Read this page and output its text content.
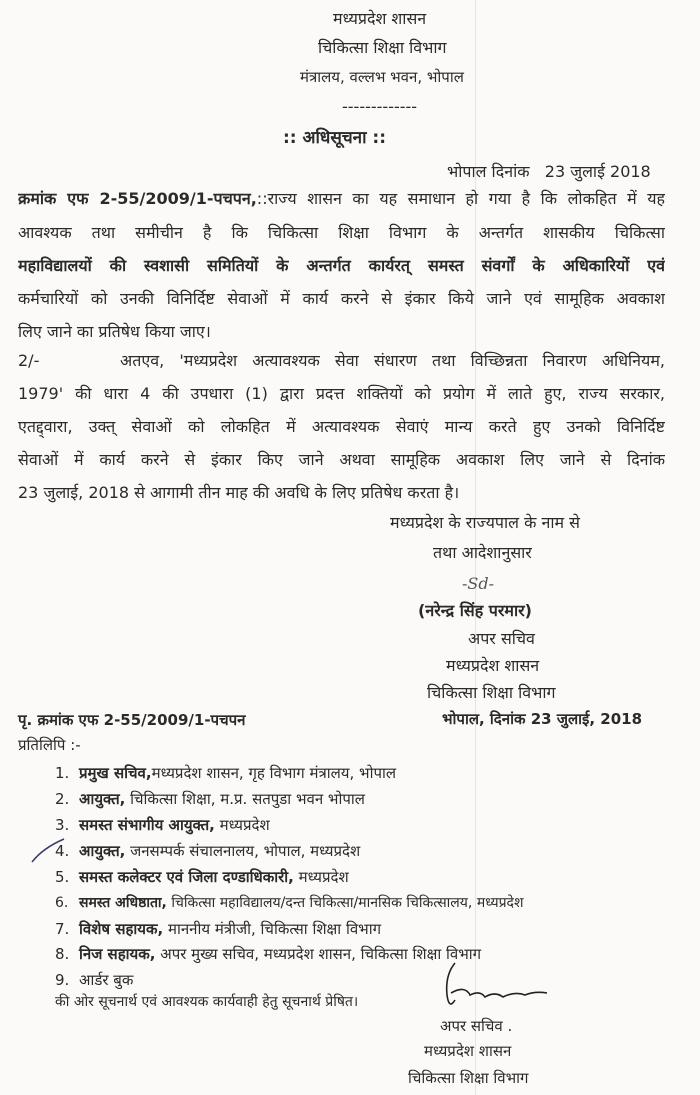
मध्यप्रदेश शासन
चिकित्सा शिक्षा विभाग
मंत्रालय, वल्लभ भवन, भोपाल
-------------
:: अधिसूचना ::
भोपाल दिनांक   23 जुलाई 2018
क्रमांक एफ 2-55/2009/1-पचपन,::राज्य शासन का यह समाधान हो गया है कि लोकहित में यह
आवश्यक तथा समीचीन है कि चिकित्सा शिक्षा विभाग के अन्तर्गत शासकीय चिकित्सा
महाविद्यालयों की स्वशासी समितियों के अन्तर्गत कार्यरत् समस्त संवर्गों के अधिकारियों एवं
कर्मचारियों को उनकी विनिर्दिष्ट सेवाओं में कार्य करने से इंकार किये जाने एवं सामूहिक अवकाश
लिए जाने का प्रतिषेध किया जाए।
2/-	अतएव, 'मध्यप्रदेश अत्यावश्यक सेवा संधारण तथा विच्छिन्नता निवारण अधिनियम,
1979' की धारा 4 की उपधारा (1) द्वारा प्रदत्त शक्तियों को प्रयोग में लाते हुए, राज्य सरकार,
एतद्द्वारा, उक्त् सेवाओं को लोकहित में अत्यावश्यक सेवाएं मान्य करते हुए उनको विनिर्दिष्ट
सेवाओं में कार्य करने से इंकार किए जाने अथवा सामूहिक अवकाश लिए जाने से दिनांक
23 जुलाई, 2018 से आगामी तीन माह की अवधि के लिए प्रतिषेध करता है।
मध्यप्रदेश के राज्यपाल के नाम से
तथा आदेशानुसार
-Sd-
(नरेन्द्र सिंह परमार)
अपर सचिव
मध्यप्रदेश शासन
चिकित्सा शिक्षा विभाग
पृ. क्रमांक एफ 2-55/2009/1-पचपन	भोपाल, दिनांक 23 जुलाई, 2018
प्रतिलिपि :-
1. प्रमुख सचिव,मध्यप्रदेश शासन, गृह विभाग मंत्रालय, भोपाल
2. आयुक्त, चिकित्सा शिक्षा, म.प्र. सतपुडा भवन भोपाल
3. समस्त संभागीय आयुक्त, मध्यप्रदेश
4. आयुक्त, जनसम्पर्क संचालनालय, भोपाल, मध्यप्रदेश
5. समस्त कलेक्टर एवं जिला दण्डाधिकारी, मध्यप्रदेश
6. समस्त अधिष्ठाता, चिकित्सा महाविद्यालय/दन्त चिकित्सा/मानसिक चिकित्सालय, मध्यप्रदेश
7. विशेष सहायक, माननीय मंत्रीजी, चिकित्सा शिक्षा विभाग
8. निज सहायक, अपर मुख्य सचिव, मध्यप्रदेश शासन, चिकित्सा शिक्षा विभाग
9. आर्डर बुक
की ओर सूचनार्थ एवं आवश्यक कार्यवाही हेतु सूचनार्थ प्रेषित।
अपर सचिव .
मध्यप्रदेश शासन
चिकित्सा शिक्षा विभाग
